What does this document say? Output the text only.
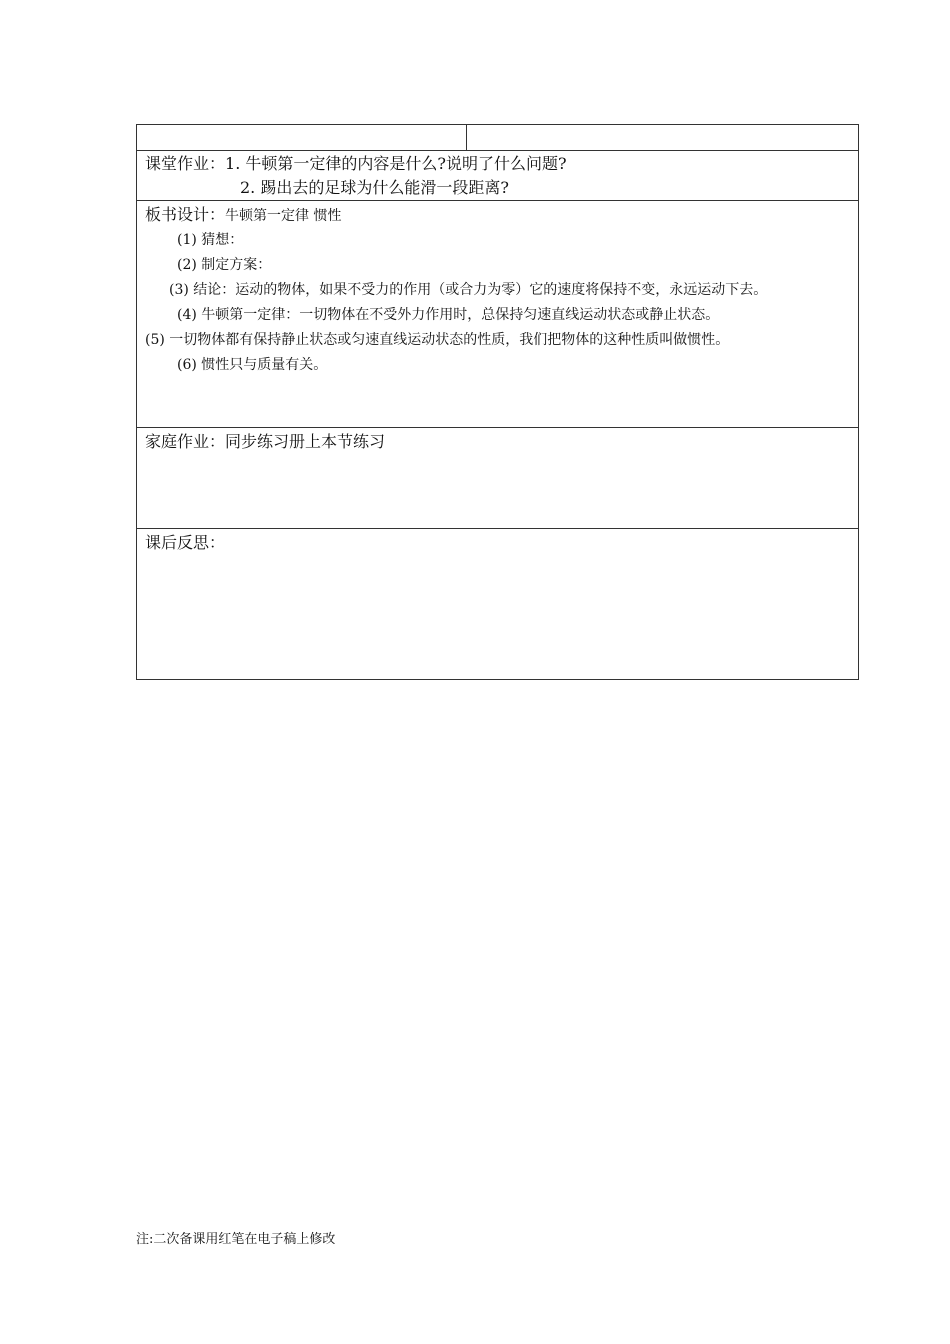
课堂作业：1. 牛顿第一定律的内容是什么?说明了什么问题?
2. 踢出去的足球为什么能滑一段距离?

板书设计：牛顿第一定律 惯性
(1) 猜想：
(2) 制定方案：
(3) 结论：运动的物体，如果不受力的作用（或合力为零）它的速度将保持不变，永远运动下去。
(4) 牛顿第一定律：一切物体在不受外力作用时，总保持匀速直线运动状态或静止状态。
(5) 一切物体都有保持静止状态或匀速直线运动状态的性质，我们把物体的这种性质叫做惯性。
(6) 惯性只与质量有关。

家庭作业：同步练习册上本节练习
课后反思：
注:二次备课用红笔在电子稿上修改
